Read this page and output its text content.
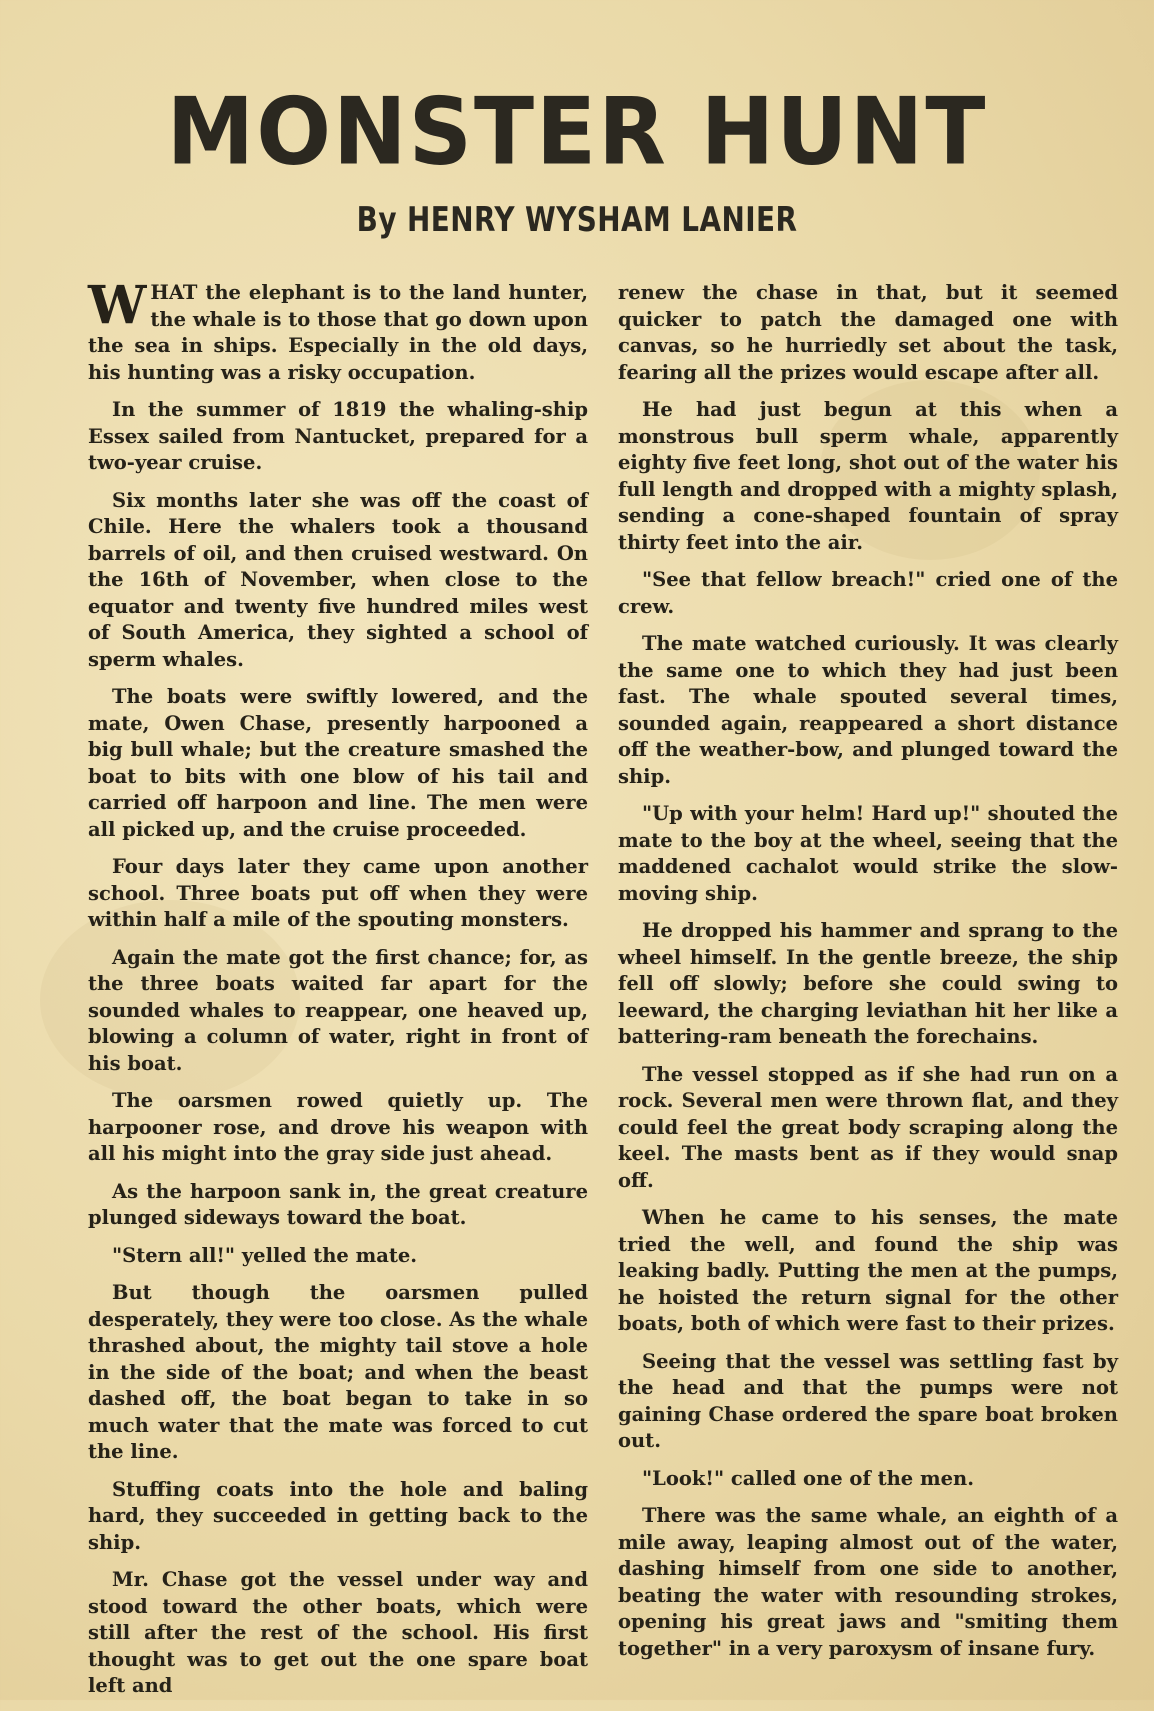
MONSTER HUNT
By HENRY WYSHAM LANIER

WHAT the elephant is to the land hunter, the whale is to those that go down upon the sea in ships. Especially in the old days, his hunting was a risky occupation.

In the summer of 1819 the whaling-ship Essex sailed from Nantucket, prepared for a two-year cruise.

Six months later she was off the coast of Chile. Here the whalers took a thousand barrels of oil, and then cruised westward. On the 16th of November, when close to the equator and twenty five hundred miles west of South America, they sighted a school of sperm whales.

The boats were swiftly lowered, and the mate, Owen Chase, presently harpooned a big bull whale; but the creature smashed the boat to bits with one blow of his tail and carried off harpoon and line. The men were all picked up, and the cruise proceeded.

Four days later they came upon another school. Three boats put off when they were within half a mile of the spouting monsters.

Again the mate got the first chance; for, as the three boats waited far apart for the sounded whales to reappear, one heaved up, blowing a column of water, right in front of his boat.

The oarsmen rowed quietly up. The harpooner rose, and drove his weapon with all his might into the gray side just ahead.

As the harpoon sank in, the great creature plunged sideways toward the boat.

"Stern all!" yelled the mate.

But though the oarsmen pulled desperately, they were too close. As the whale thrashed about, the mighty tail stove a hole in the side of the boat; and when the beast dashed off, the boat began to take in so much water that the mate was forced to cut the line.

Stuffing coats into the hole and baling hard, they succeeded in getting back to the ship.

Mr. Chase got the vessel under way and stood toward the other boats, which were still after the rest of the school. His first thought was to get out the one spare boat left and

renew the chase in that, but it seemed quicker to patch the damaged one with canvas, so he hurriedly set about the task, fearing all the prizes would escape after all.

He had just begun at this when a monstrous bull sperm whale, apparently eighty five feet long, shot out of the water his full length and dropped with a mighty splash, sending a cone-shaped fountain of spray thirty feet into the air.

"See that fellow breach!" cried one of the crew.

The mate watched curiously. It was clearly the same one to which they had just been fast. The whale spouted several times, sounded again, reappeared a short distance off the weather-bow, and plunged toward the ship.

"Up with your helm! Hard up!" shouted the mate to the boy at the wheel, seeing that the maddened cachalot would strike the slow-moving ship.

He dropped his hammer and sprang to the wheel himself. In the gentle breeze, the ship fell off slowly; before she could swing to leeward, the charging leviathan hit her like a battering-ram beneath the forechains.

The vessel stopped as if she had run on a rock. Several men were thrown flat, and they could feel the great body scraping along the keel. The masts bent as if they would snap off.

When he came to his senses, the mate tried the well, and found the ship was leaking badly. Putting the men at the pumps, he hoisted the return signal for the other boats, both of which were fast to their prizes.

Seeing that the vessel was settling fast by the head and that the pumps were not gaining Chase ordered the spare boat broken out.

"Look!" called one of the men.

There was the same whale, an eighth of a mile away, leaping almost out of the water, dashing himself from one side to another, beating the water with resounding strokes, opening his great jaws and "smiting them together" in a very paroxysm of insane fury.
